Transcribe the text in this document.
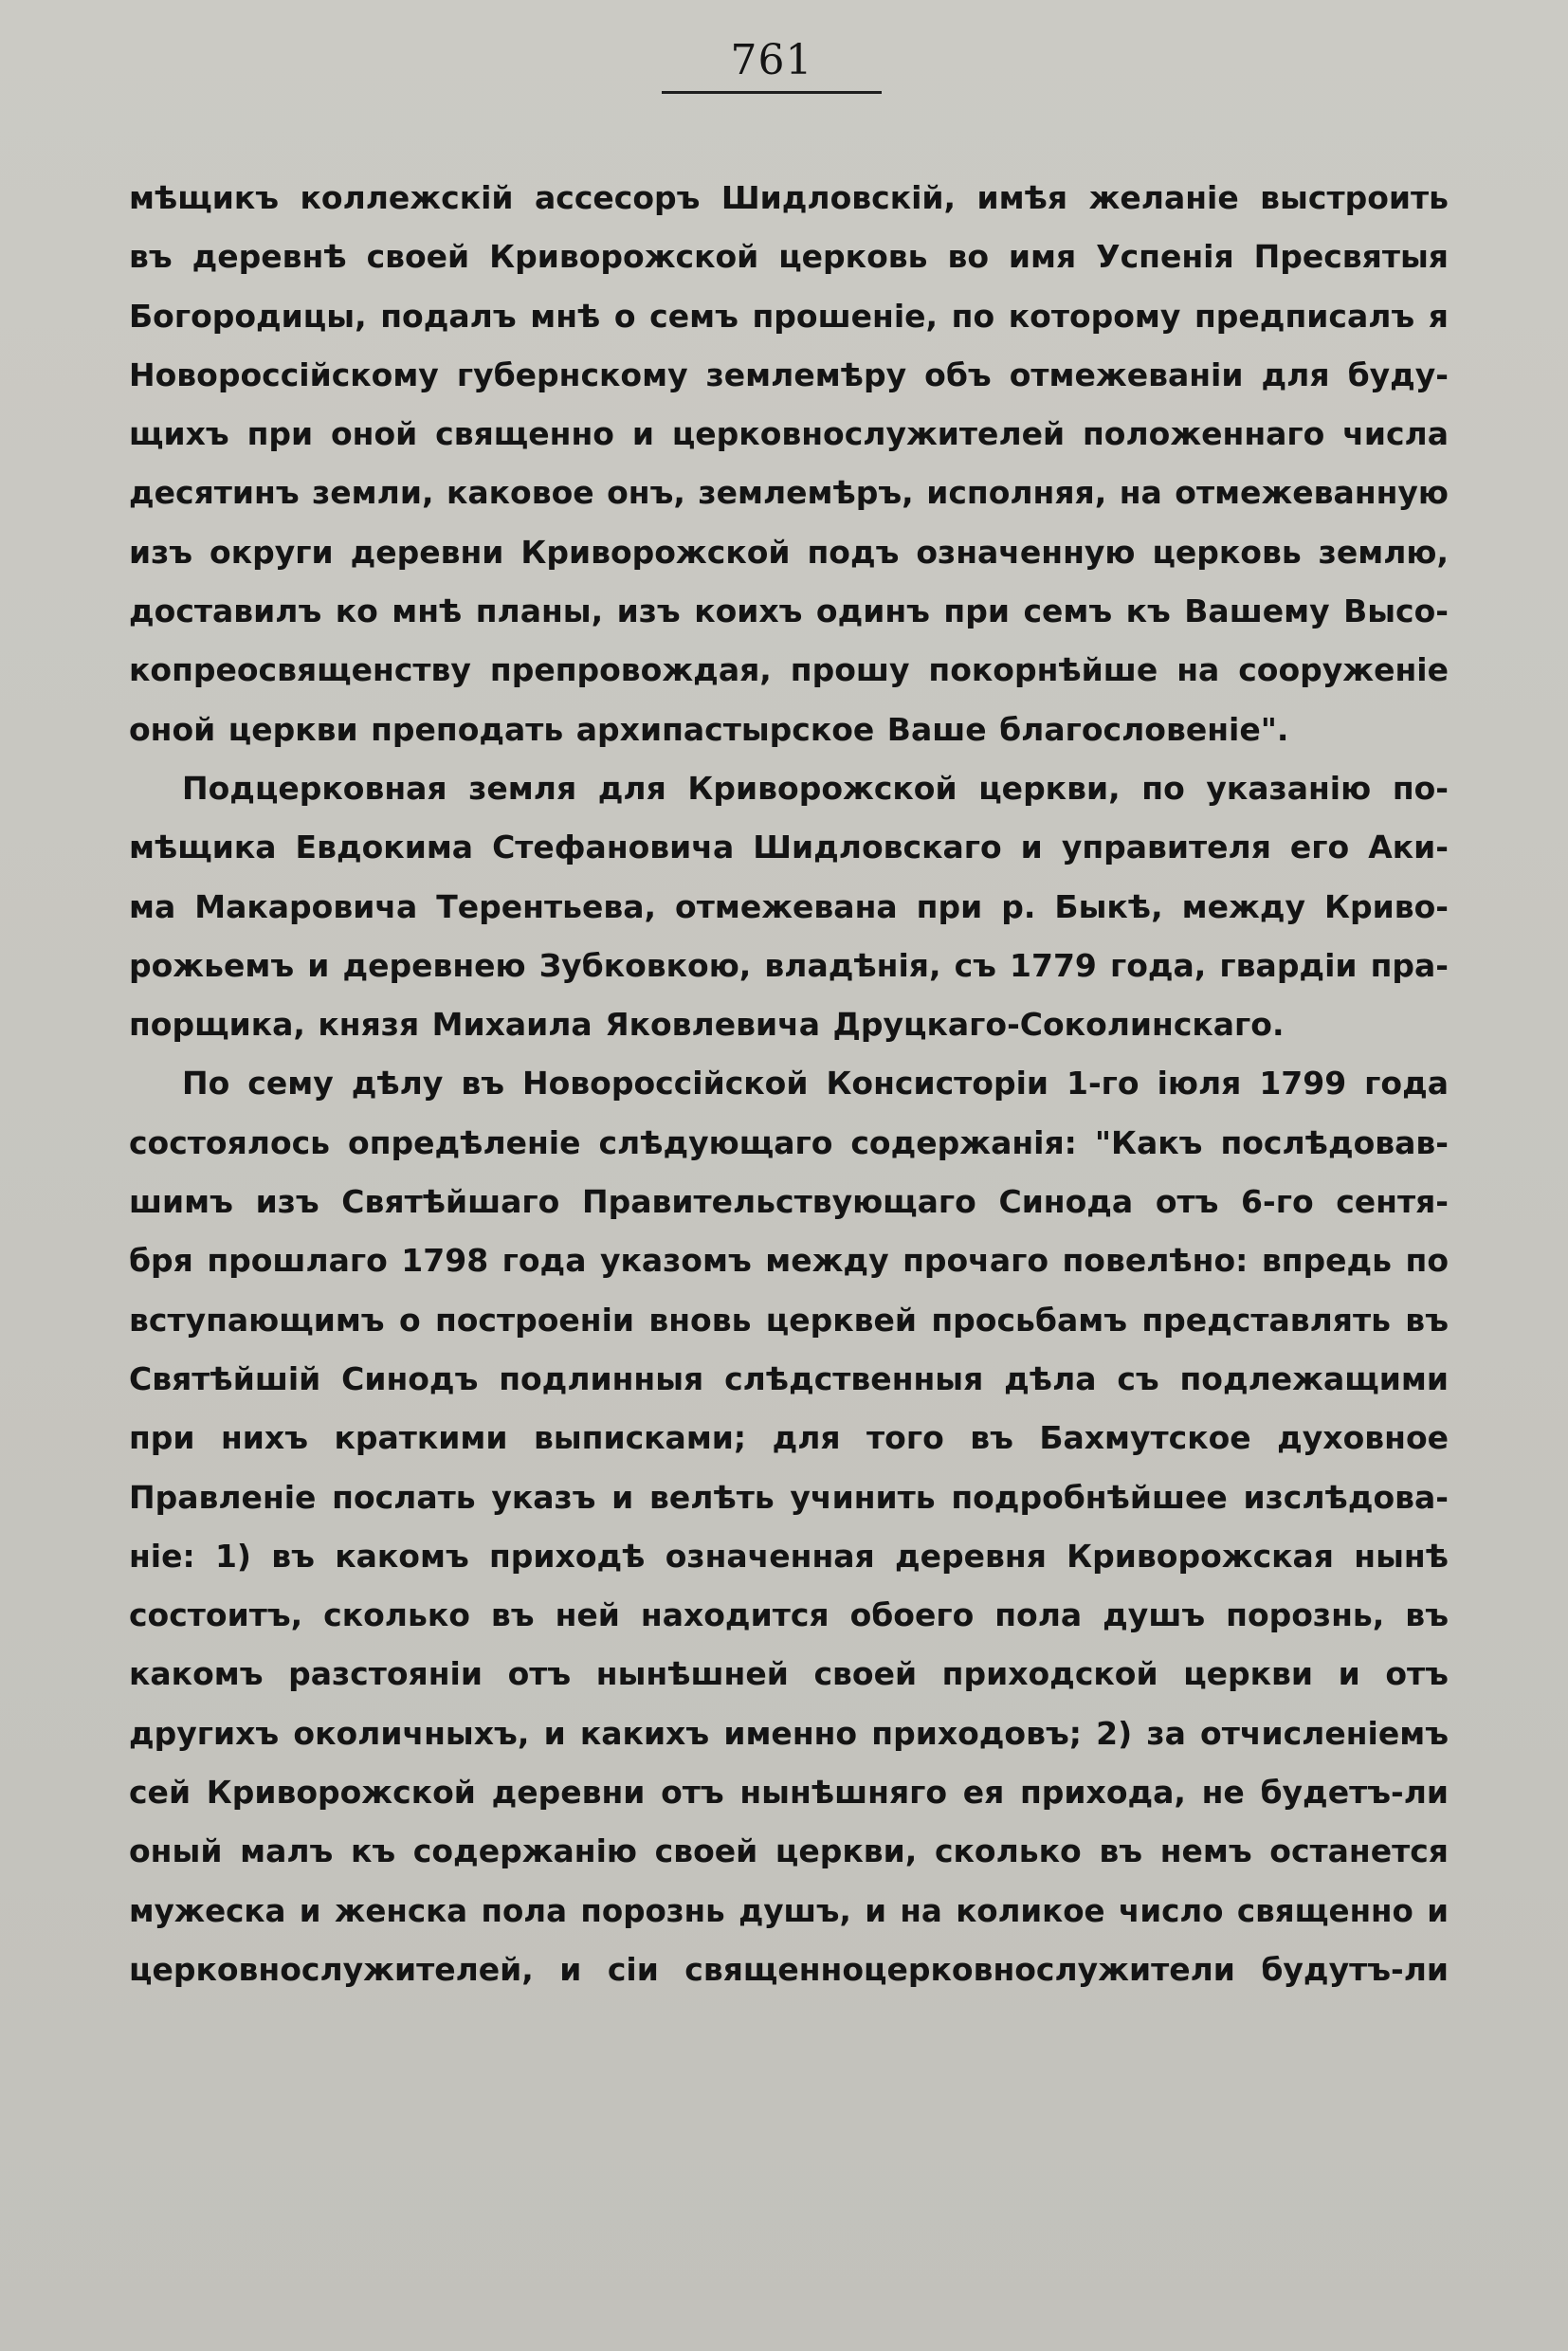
761
мѣщикъ коллежскій ассесоръ Шидловскій, имѣя желаніе выстроить
въ деревнѣ своей Криворожской церковь во имя Успенія Пресвятыя
Богородицы, подалъ мнѣ о семъ прошеніе, по которому предписалъ я
Новороссійскому губернскому землемѣру объ отмежеваніи для буду-
щихъ при оной священно и церковнослужителей положеннаго числа
десятинъ земли, каковое онъ, землемѣръ, исполняя, на отмежеванную
изъ округи деревни Криворожской подъ означенную церковь землю,
доставилъ ко мнѣ планы, изъ коихъ одинъ при семъ къ Вашему Высо-
копреосвященству препровождая, прошу покорнѣйше на сооруженіе
оной церкви преподать архипастырское Ваше благословеніе".
Подцерковная земля для Криворожской церкви, по указанію по-
мѣщика Евдокима Стефановича Шидловскаго и управителя его Аки-
ма Макаровича Терентьева, отмежевана при р. Быкѣ, между Криво-
рожьемъ и деревнею Зубковкою, владѣнія, съ 1779 года, гвардіи пра-
порщика, князя Михаила Яковлевича Друцкаго-Соколинскаго.
По сему дѣлу въ Новороссійской Консисторіи 1-го іюля 1799 года
состоялось опредѣленіе слѣдующаго содержанія: "Какъ послѣдовав-
шимъ изъ Святѣйшаго Правительствующаго Синода отъ 6-го сентя-
бря прошлаго 1798 года указомъ между прочаго повелѣно: впредь по
вступающимъ о построеніи вновь церквей просьбамъ представлять въ
Святѣйшій Синодъ подлинныя слѣдственныя дѣла съ подлежащими
при нихъ краткими выписками; для того въ Бахмутское духовное
Правленіе послать указъ и велѣть учинить подробнѣйшее изслѣдова-
ніе: 1) въ какомъ приходѣ означенная деревня Криворожская нынѣ
состоитъ, сколько въ ней находится обоего пола душъ порознь, въ
какомъ разстояніи отъ нынѣшней своей приходской церкви и отъ
другихъ околичныхъ, и какихъ именно приходовъ; 2) за отчисленіемъ
сей Криворожской деревни отъ нынѣшняго ея прихода, не будетъ-ли
оный малъ къ содержанію своей церкви, сколько въ немъ останется
мужеска и женска пола порознь душъ, и на коликое число священно и
церковнослужителей, и сіи священноцерковнослужители будутъ-ли
